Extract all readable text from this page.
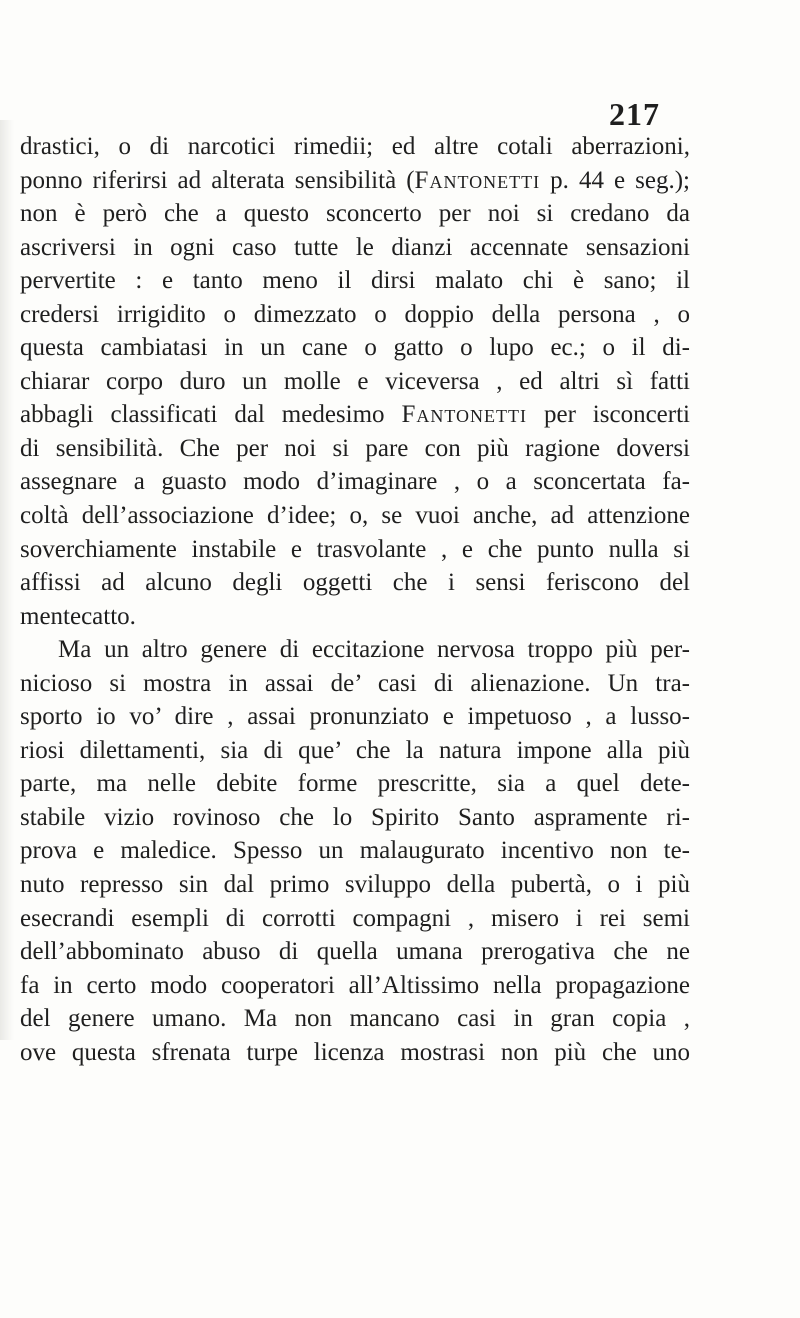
217
drastici, o di narcotici rimedii; ed altre cotali aberrazioni,
ponno riferirsi ad alterata sensibilità (Fantonetti p. 44 e seg.);
non è però che a questo sconcerto per noi si credano da
ascriversi in ogni caso tutte le dianzi accennate sensazioni
pervertite : e tanto meno il dirsi malato chi è sano; il
credersi irrigidito o dimezzato o doppio della persona , o
questa cambiatasi in un cane o gatto o lupo ec.; o il di-
chiarar corpo duro un molle e viceversa , ed altri sì fatti
abbagli classificati dal medesimo Fantonetti per isconcerti
di sensibilità. Che per noi si pare con più ragione doversi
assegnare a guasto modo d’imaginare , o a sconcertata fa-
coltà dell’associazione d’idee; o, se vuoi anche, ad attenzione
soverchiamente instabile e trasvolante , e che punto nulla si
affissi ad alcuno degli oggetti che i sensi feriscono del
mentecatto.
Ma un altro genere di eccitazione nervosa troppo più per-
nicioso si mostra in assai de’ casi di alienazione. Un tra-
sporto io vo’ dire , assai pronunziato e impetuoso , a lusso-
riosi dilettamenti, sia di que’ che la natura impone alla più
parte, ma nelle debite forme prescritte, sia a quel dete-
stabile vizio rovinoso che lo Spirito Santo aspramente ri-
prova e maledice. Spesso un malaugurato incentivo non te-
nuto represso sin dal primo sviluppo della pubertà, o i più
esecrandi esempli di corrotti compagni , misero i rei semi
dell’abbominato abuso di quella umana prerogativa che ne
fa in certo modo cooperatori all’Altissimo nella propagazione
del genere umano. Ma non mancano casi in gran copia ,
ove questa sfrenata turpe licenza mostrasi non più che uno
